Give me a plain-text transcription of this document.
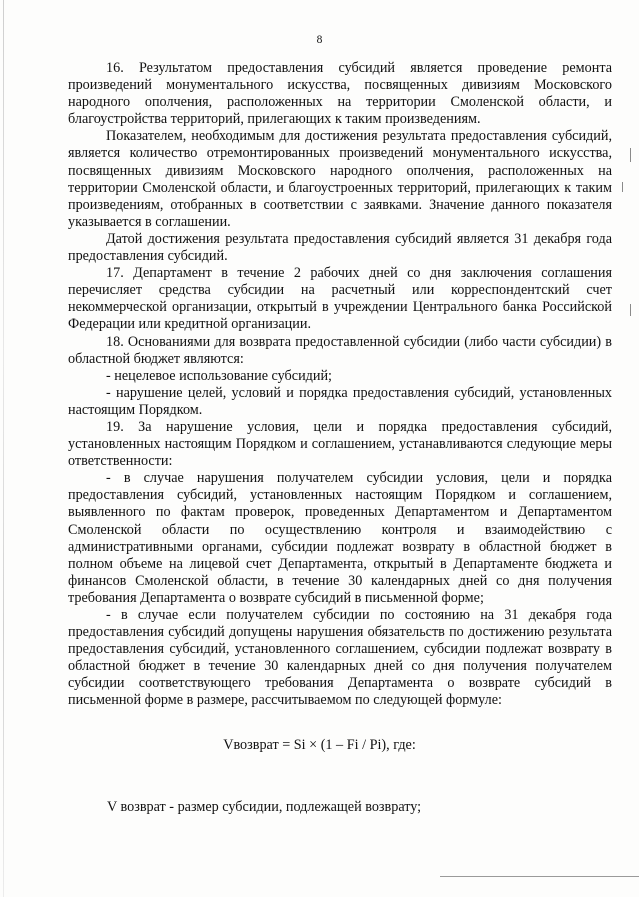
8

16. Результатом предоставления субсидий является проведение ремонта произведений монументального искусства, посвященных дивизиям Московского народного ополчения, расположенных на территории Смоленской области, и благоустройства территорий, прилегающих к таким произведениям.

Показателем, необходимым для достижения результата предоставления субсидий, является количество отремонтированных произведений монументального искусства, посвященных дивизиям Московского народного ополчения, расположенных на территории Смоленской области, и благоустроенных территорий, прилегающих к таким произведениям, отобранных в соответствии с заявками. Значение данного показателя указывается в соглашении.

Датой достижения результата предоставления субсидий является 31 декабря года предоставления субсидий.

17. Департамент в течение 2 рабочих дней со дня заключения соглашения перечисляет средства субсидии на расчетный или корреспондентский счет некоммерческой организации, открытый в учреждении Центрального банка Российской Федерации или кредитной организации.

18. Основаниями для возврата предоставленной субсидии (либо части субсидии) в областной бюджет являются:

- нецелевое использование субсидий;

- нарушение целей, условий и порядка предоставления субсидий, установленных настоящим Порядком.

19. За нарушение условия, цели и порядка предоставления субсидий, установленных настоящим Порядком и соглашением, устанавливаются следующие меры ответственности:

- в случае нарушения получателем субсидии условия, цели и порядка предоставления субсидий, установленных настоящим Порядком и соглашением, выявленного по фактам проверок, проведенных Департаментом и Департаментом Смоленской области по осуществлению контроля и взаимодействию с административными органами, субсидии подлежат возврату в областной бюджет в полном объеме на лицевой счет Департамента, открытый в Департаменте бюджета и финансов Смоленской области, в течение 30 календарных дней со дня получения требования Департамента о возврате субсидий в письменной форме;

- в случае если получателем субсидии по состоянию на 31 декабря года предоставления субсидий допущены нарушения обязательств по достижению результата предоставления субсидий, установленного соглашением, субсидии подлежат возврату в областной бюджет в течение 30 календарных дней со дня получения получателем субсидии соответствующего требования Департамента о возврате субсидий в письменной форме в размере, рассчитываемом по следующей формуле:

Vвозврат = Si × (1 – Fi / Pi), где:
V возврат - размер субсидии, подлежащей возврату;
